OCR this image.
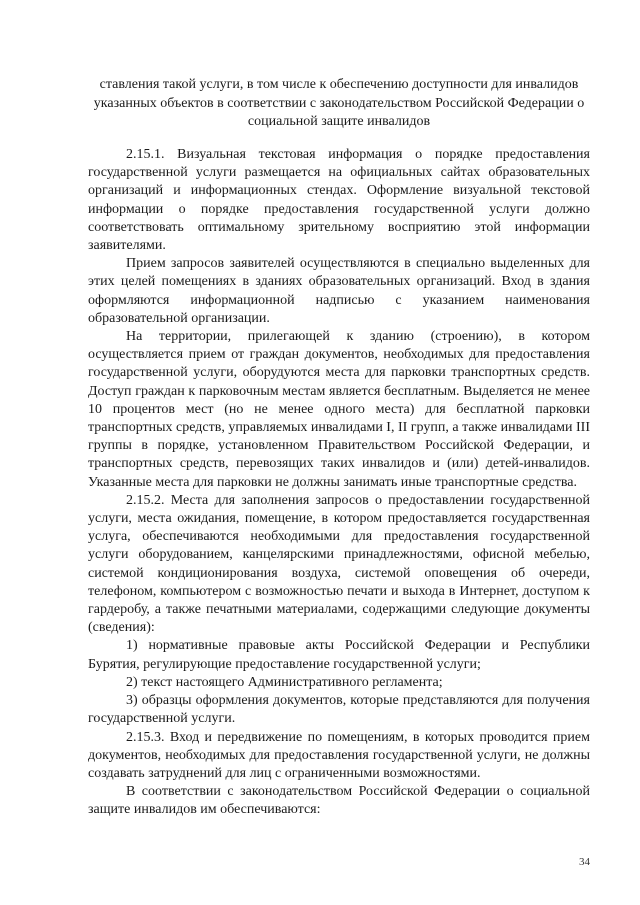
ставления такой услуги, в том числе к обеспечению доступности для инвалидов указанных объектов в соответствии с законодательством Российской Федерации о социальной защите инвалидов

2.15.1. Визуальная текстовая информация о порядке предоставления государственной услуги размещается на официальных сайтах образовательных организаций и информационных стендах. Оформление визуальной текстовой информации о порядке предоставления государственной услуги должно соответствовать оптимальному зрительному восприятию этой информации заявителями.

Прием запросов заявителей осуществляются в специально выделенных для этих целей помещениях в зданиях образовательных организаций. Вход в здания оформляются информационной надписью с указанием наименования образовательной организации.

На территории, прилегающей к зданию (строению), в котором осуществляется прием от граждан документов, необходимых для предоставления государственной услуги, оборудуются места для парковки транспортных средств. Доступ граждан к парковочным местам является бесплатным. Выделяется не менее 10 процентов мест (но не менее одного места) для бесплатной парковки транспортных средств, управляемых инвалидами I, II групп, а также инвалидами III группы в порядке, установленном Правительством Российской Федерации, и транспортных средств, перевозящих таких инвалидов и (или) детей-инвалидов. Указанные места для парковки не должны занимать иные транспортные средства.

2.15.2. Места для заполнения запросов о предоставлении государственной услуги, места ожидания, помещение, в котором предоставляется государственная услуга, обеспечиваются необходимыми для предоставления государственной услуги оборудованием, канцелярскими принадлежностями, офисной мебелью, системой кондиционирования воздуха, системой оповещения об очереди, телефоном, компьютером с возможностью печати и выхода в Интернет, доступом к гардеробу, а также печатными материалами, содержащими следующие документы (сведения):

1) нормативные правовые акты Российской Федерации и Республики Бурятия, регулирующие предоставление государственной услуги;

2) текст настоящего Административного регламента;

3) образцы оформления документов, которые представляются для получения государственной услуги.

2.15.3. Вход и передвижение по помещениям, в которых проводится прием документов, необходимых для предоставления государственной услуги, не должны создавать затруднений для лиц с ограниченными возможностями.

В соответствии с законодательством Российской Федерации о социальной защите инвалидов им обеспечиваются:

34
